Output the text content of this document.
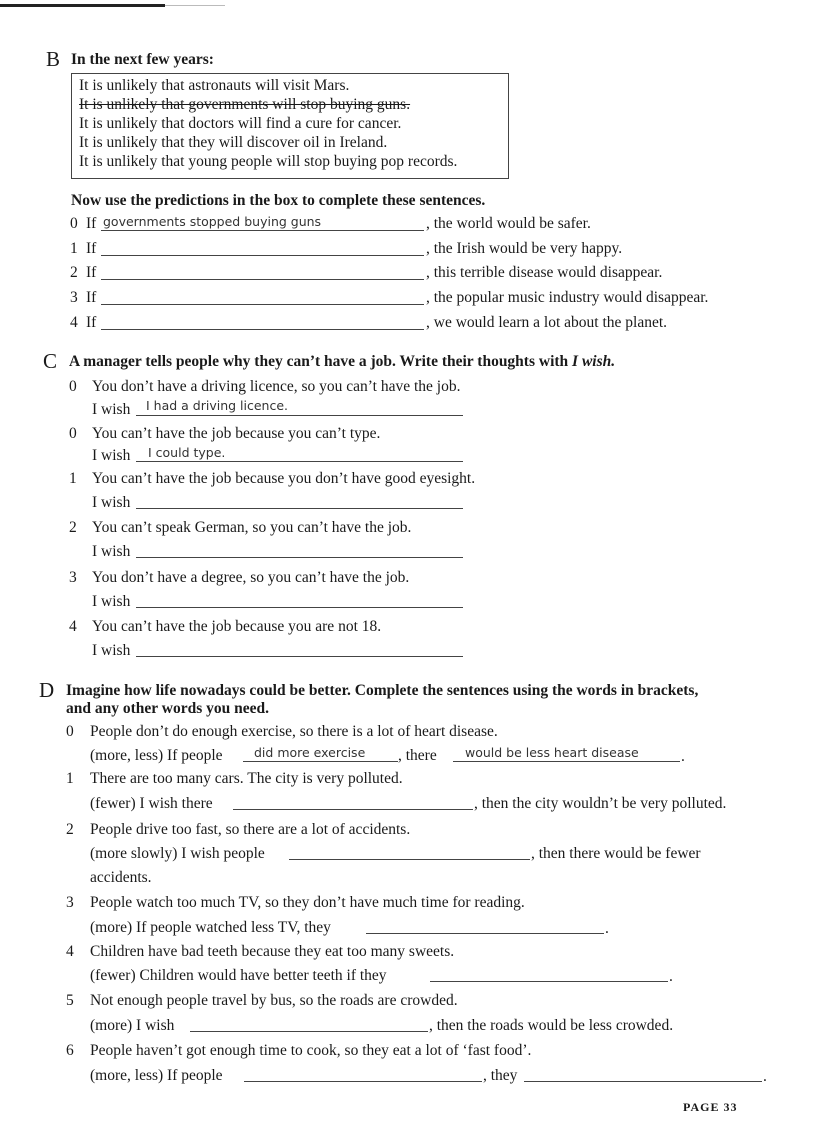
B In the next few years:
It is unlikely that astronauts will visit Mars.
It is unlikely that governments will stop buying guns.
It is unlikely that doctors will find a cure for cancer.
It is unlikely that they will discover oil in Ireland.
It is unlikely that young people will stop buying pop records.
Now use the predictions in the box to complete these sentences.
0 If governments stopped buying guns	, the world would be safer.
1 If	, the Irish would be very happy.
2 If	, this terrible disease would disappear.
3 If	, the popular music industry would disappear.
4 If	, we would learn a lot about the planet.
C A manager tells people why they can’t have a job. Write their thoughts with I wish.
0 You don’t have a driving licence, so you can’t have the job.
I wish I had a driving licence.
0 You can’t have the job because you can’t type.
I wish I could type.
1 You can’t have the job because you don’t have good eyesight.
I wish
2 You can’t speak German, so you can’t have the job.
I wish
3 You don’t have a degree, so you can’t have the job.
I wish
4 You can’t have the job because you are not 18.
I wish
D Imagine how life nowadays could be better. Complete the sentences using the words in brackets,
and any other words you need.
0	People don’t do enough exercise, so there is a lot of heart disease.
(more, less) If people	did more exercise , there would be less heart disease	.
1	There are too many cars. The city is very polluted.
(fewer) I wish there	, then the city wouldn’t be very polluted.
2	People drive too fast, so there are a lot of accidents.
(more slowly) I wish people	, then there would be fewer
accidents.
3	People watch too much TV, so they don’t have much time for reading.
(more) If people watched less TV, they	.
4	Children have bad teeth because they eat too many sweets.
(fewer) Children would have better teeth if they	.
5	Not enough people travel by bus, so the roads are crowded.
(more) I wish	, then the roads would be less crowded.
6	People haven’t got enough time to cook, so they eat a lot of ‘fast food’.
(more, less) If people	, they	.
PAGE 33
